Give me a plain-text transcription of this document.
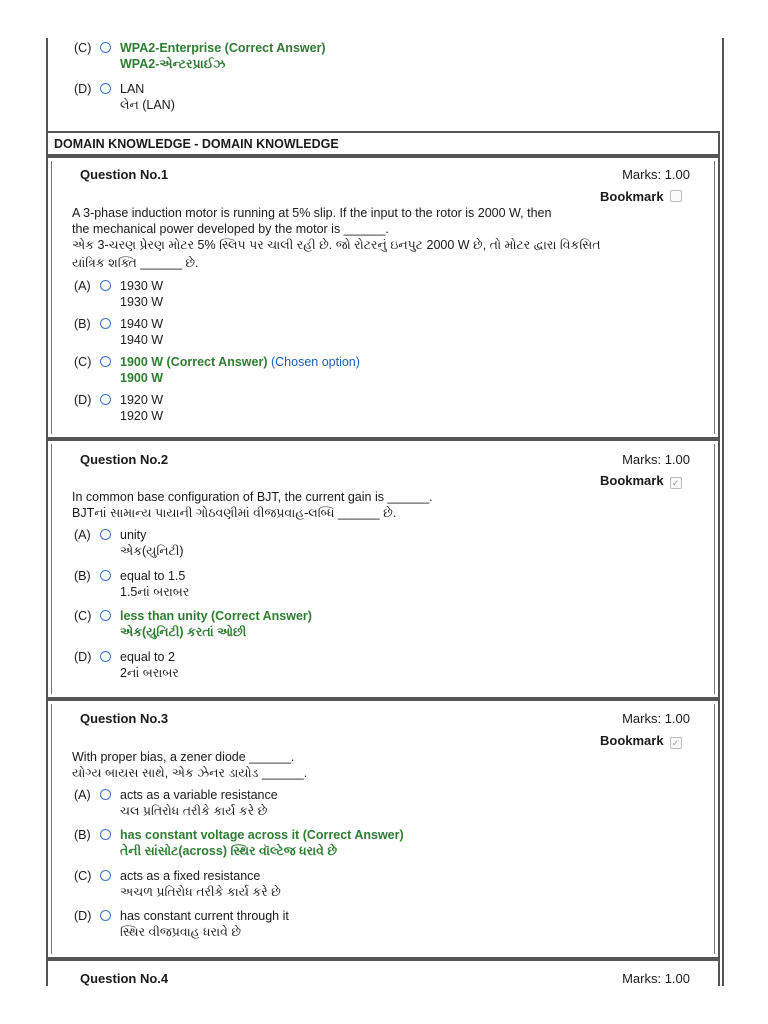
(C) WPA2-Enterprise (Correct Answer)
WPA2-એન્ટરપ્રાઈઝ
(D) LAN
લેન (LAN)
DOMAIN KNOWLEDGE - DOMAIN KNOWLEDGE
Question No.1	Marks: 1.00
Bookmark
A 3-phase induction motor is running at 5% slip. If the input to the rotor is 2000 W, then
the mechanical power developed by the motor is ______.
એક 3-ચરણ પ્રેરણ મોટર 5% સ્લિપ પર ચાલી રહી છે. જો રોટરનું ઇનપુટ 2000 W છે, તો મોટર દ્વારા વિકસિત
યાંત્રિક શક્તિ ______ છે.
(A) 1930 W
1930 W
(B) 1940 W
1940 W
(C) 1900 W (Correct Answer) (Chosen option)
1900 W
(D) 1920 W
1920 W
Question No.2	Marks: 1.00
Bookmark ✓
In common base configuration of BJT, the current gain is ______.
BJTનાં સામાન્ય પાયાની ગોઠવણીમાં વીજપ્રવાહ-લબ્ધિ ______ છે.
(A) unity
એક(યુનિટી)
(B) equal to 1.5
1.5નાં બરાબર
(C) less than unity (Correct Answer)
એક(યુનિટી) કરતાં ઓછી
(D) equal to 2
2નાં બરાબર
Question No.3	Marks: 1.00
Bookmark ✓
With proper bias, a zener diode ______.
યોગ્ય બાયસ સાથે, એક ઝેનર ડાયોડ ______.
(A) acts as a variable resistance
ચલ પ્રતિરોધ તરીકે કાર્ય કરે છે
(B) has constant voltage across it (Correct Answer)
તેની સાંસોટ(across) સ્થિર વૉલ્ટેજ ધરાવે છે
(C) acts as a fixed resistance
અચળ પ્રતિરોધ તરીકે કાર્ય કરે છે
(D) has constant current through it
સ્થિર વીજપ્રવાહ ધરાવે છે
Question No.4	Marks: 1.00
